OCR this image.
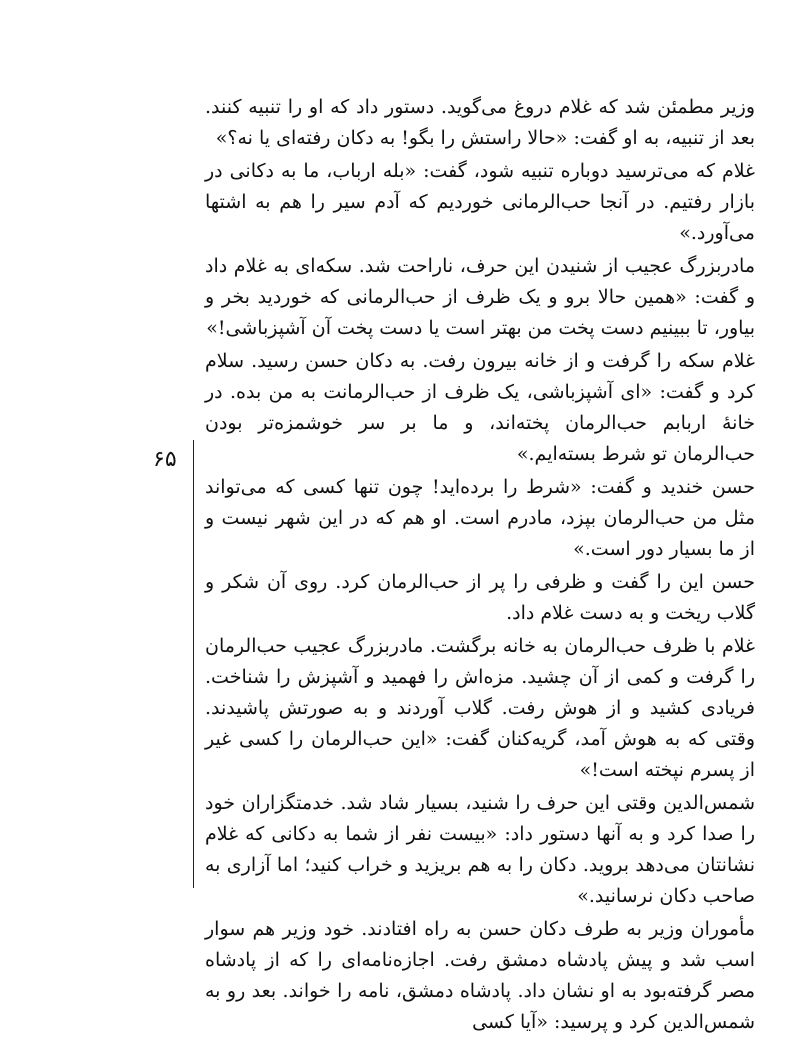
وزیر مطمئن شد که غلام دروغ می‌گوید. دستور داد که او را تنبیه کنند. بعد از تنبیه، به او گفت: «حالا راستش را بگو! به دکان رفته‌ای یا نه؟»

غلام که می‌ترسید دوباره تنبیه شود، گفت: «بله ارباب، ما به دکانی در بازار رفتیم. در آنجا حب‌الرمانی خوردیم که آدم سیر را هم به اشتها می‌آورد.»

مادربزرگ عجیب از شنیدن این حرف، ناراحت شد. سکه‌ای به غلام داد و گفت: «همین حالا برو و یک ظرف از حب‌الرمانی که خوردید بخر و بیاور، تا ببینیم دست پخت من بهتر است یا دست پخت آن آشپزباشی!»

غلام سکه را گرفت و از خانه بیرون رفت. به دکان حسن رسید. سلام کرد و گفت: «ای آشپزباشی، یک ظرف از حب‌الرمانت به من بده. در خانهٔ اربابم حب‌الرمان پخته‌اند، و ما بر سر خوشمزه‌تر بودن حب‌الرمان تو شرط بسته‌ایم.»

حسن خندید و گفت: «شرط را برده‌اید! چون تنها کسی که می‌تواند مثل من حب‌الرمان بپزد، مادرم است. او هم که در این شهر نیست و از ما بسیار دور است.»

حسن این را گفت و ظرفی را پر از حب‌الرمان کرد. روی آن شکر و گلاب ریخت و به دست غلام داد.

غلام با ظرف حب‌الرمان به خانه برگشت. مادربزرگ عجیب حب‌الرمان را گرفت و کمی از آن چشید. مزه‌اش را فهمید و آشپزش را شناخت. فریادی کشید و از هوش رفت. گلاب آوردند و به صورتش پاشیدند. وقتی که به هوش آمد، گریه‌کنان گفت: «این حب‌الرمان را کسی غیر از پسرم نپخته است!»

شمس‌الدین وقتی این حرف را شنید، بسیار شاد شد. خدمتگزاران خود را صدا کرد و به آنها دستور داد: «بیست نفر از شما به دکانی که غلام نشانتان می‌دهد بروید. دکان را به هم بریزید و خراب کنید؛ اما آزاری به صاحب دکان نرسانید.»

مأموران وزیر به طرف دکان حسن به راه افتادند. خود وزیر هم سوار اسب شد و پیش پادشاه دمشق رفت. اجازه‌نامه‌ای را که از پادشاه مصر گرفته‌بود به او نشان داد. پادشاه دمشق، نامه را خواند. بعد رو به شمس‌الدین کرد و پرسید: «آیا کسی

۶۵
